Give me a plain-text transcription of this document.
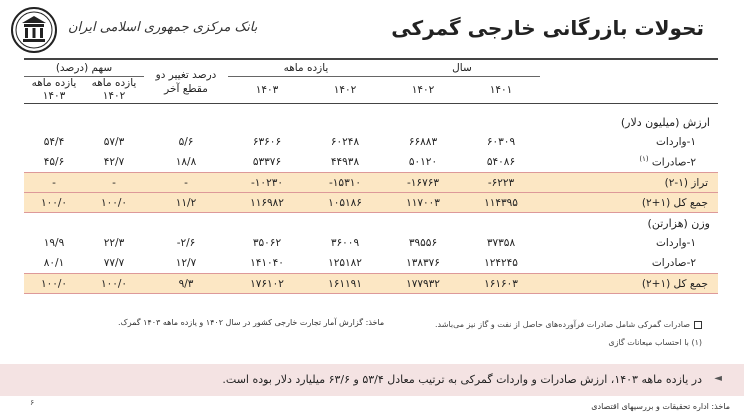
تحولات بازرگانی خارجی گمرکی
بانک مرکزی جمهوری اسلامی ایران

	سال		یازده ماهه		درصد تغییر دو مقطع آخر	سهم (درصد)	
	۱۴۰۱	۱۴۰۲	۱۴۰۲	۱۴۰۳		یازده ماهه ۱۴۰۲	یازده ماهه ۱۴۰۳
ارزش (میلیون دلار)							
۱-واردات	۶۰۳۰۹	۶۶۸۸۳	۶۰۲۴۸	۶۳۶۰۶	۵/۶	۵۷/۳	۵۴/۴
۲-صادرات $^{(۱)}$	۵۴۰۸۶	۵۰۱۲۰	۴۴۹۳۸	۵۳۳۷۶	۱۸/۸	۴۲/۷	۴۵/۶
تراز (۱-۲)	-۶۲۲۳	-۱۶۷۶۳	-۱۵۳۱۰	-۱۰۲۳۰	-	-	-
جمع کل (۱+۲)	۱۱۴۳۹۵	۱۱۷۰۰۳	۱۰۵۱۸۶	۱۱۶۹۸۲	۱۱/۲	۱۰۰/۰	۱۰۰/۰
وزن (هزارتن)							
۱-واردات	۳۷۳۵۸	۳۹۵۵۶	۳۶۰۰۹	۳۵۰۶۲	-۲/۶	۲۲/۳	۱۹/۹
۲-صادرات	۱۲۴۲۴۵	۱۳۸۳۷۶	۱۲۵۱۸۲	۱۴۱۰۴۰	۱۲/۷	۷۷/۷	۸۰/۱
جمع کل (۱+۲)	۱۶۱۶۰۳	۱۷۷۹۳۲	۱۶۱۱۹۱	۱۷۶۱۰۲	۹/۳	۱۰۰/۰	۱۰۰/۰
ماخذ: گزارش آمار تجارت خارجی کشور در سال ۱۴۰۲ و یازده ماهه ۱۴۰۳ گمرک.	صادرات گمرکی شامل صادرات فرآورده‌های حاصل از نفت و گاز نیز می‌باشد.
(۱) با احتساب میعانات گازی
◄
در یازده ماهه ۱۴۰۳، ارزش صادرات و واردات گمرکی به ترتیب معادل ۵۳/۴ و ۶۳/۶ میلیارد دلار بوده است.
۶	ماخذ: اداره تحقیقات و بررسیهای اقتصادی
